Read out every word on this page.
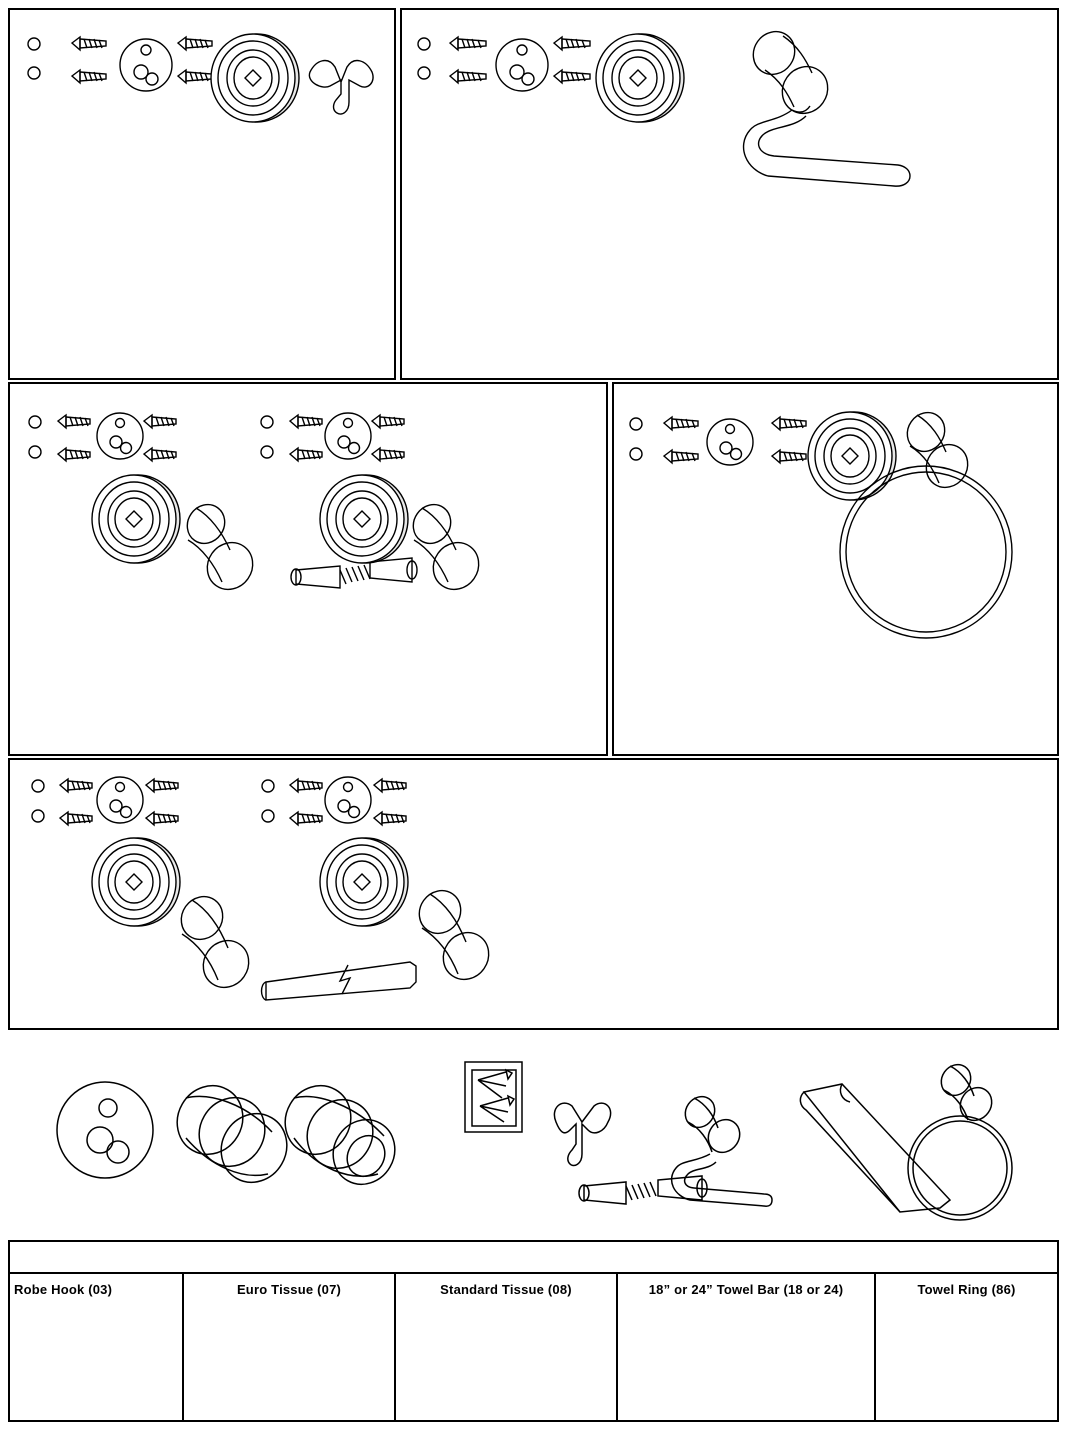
Robe Hook (03)	Euro Tissue (07)	Standard Tissue (08)	18” or 24” Towel Bar (18 or 24)	Towel Ring (86)
